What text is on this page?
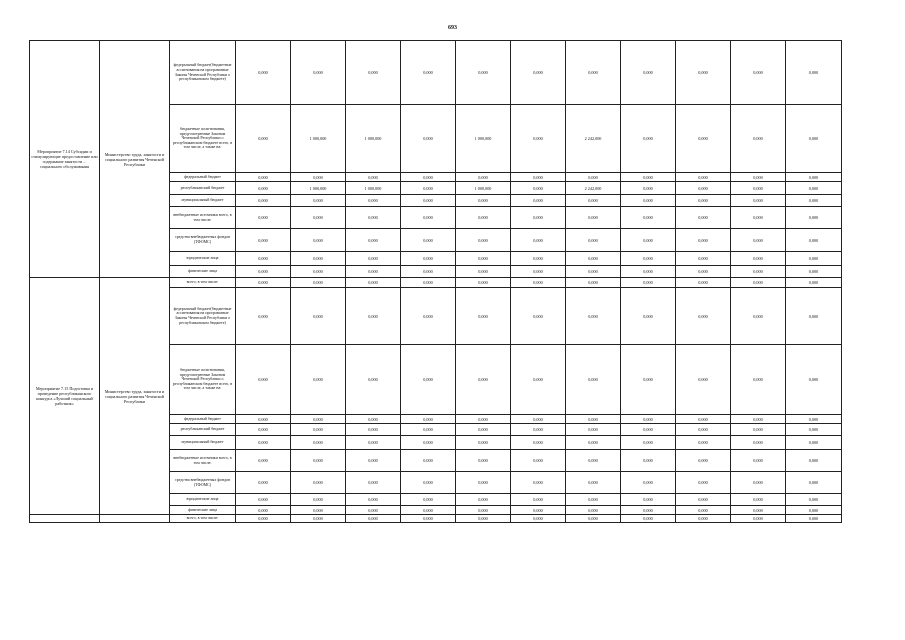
693
Мероприятие 7.14 Субсидии и стимулирующие предоставление или содержание занятости ... социального обслуживания	Министерство труда, занятости и социального развития Чеченской Республики	федеральный бюджет(бюджетные ассигнования на программные Законы Чеченской Республики о республиканском бюджете)	0,000	0,000	0,000	0,000	0,000	0,000	0,000	0,000	0,000	0,000	0,000
		бюджетные ассигнования, предусмотренные Законом Чеченской Республики о республиканском бюджете всего, в том числе, а также на:	0,000	1 000,000	1 000,000	0,000	1 000,000	0,000	2 242,000	0,000	0,000	0,000	0,000
		федеральный бюджет	0,000	0,000	0,000	0,000	0,000	0,000	0,000	0,000	0,000	0,000	0,000
		республиканский бюджет	0,000	1 000,000	1 000,000	0,000	1 000,000	0,000	2 242,000	0,000	0,000	0,000	0,000
		муниципальный бюджет	0,000	0,000	0,000	0,000	0,000	0,000	0,000	0,000	0,000	0,000	0,000
		внебюджетные источники всего, в том числе:	0,000	0,000	0,000	0,000	0,000	0,000	0,000	0,000	0,000	0,000	0,000
		средства внебюджетных фондов (ТФОМС)	0,000	0,000	0,000	0,000	0,000	0,000	0,000	0,000	0,000	0,000	0,000
		юридические лица	0,000	0,000	0,000	0,000	0,000	0,000	0,000	0,000	0,000	0,000	0,000
		физические лица	0,000	0,000	0,000	0,000	0,000	0,000	0,000	0,000	0,000	0,000	0,000
Мероприятие 7.15 Подготовка и проведение республиканского конкурса «Лучший социальный работник»	Министерство труда, занятости и социального развития Чеченской Республики	всего, в том числе:	0,000	0,000	0,000	0,000	0,000	0,000	0,000	0,000	0,000	0,000	0,000
		федеральный бюджет(бюджетные ассигнования на программные Законы Чеченской Республики о республиканском бюджете)	0,000	0,000	0,000	0,000	0,000	0,000	0,000	0,000	0,000	0,000	0,000
		бюджетные ассигнования, предусмотренные Законом Чеченской Республики о республиканском бюджете всего, в том числе, а также на:	0,000	0,000	0,000	0,000	0,000	0,000	0,000	0,000	0,000	0,000	0,000
		федеральный бюджет	0,000	0,000	0,000	0,000	0,000	0,000	0,000	0,000	0,000	0,000	0,000
		республиканский бюджет	0,000	0,000	0,000	0,000	0,000	0,000	0,000	0,000	0,000	0,000	0,000
		муниципальный бюджет	0,000	0,000	0,000	0,000	0,000	0,000	0,000	0,000	0,000	0,000	0,000
		внебюджетные источники всего, в том числе:	0,000	0,000	0,000	0,000	0,000	0,000	0,000	0,000	0,000	0,000	0,000
		средства внебюджетных фондов (ТФОМС)	0,000	0,000	0,000	0,000	0,000	0,000	0,000	0,000	0,000	0,000	0,000
		юридические лица	0,000	0,000	0,000	0,000	0,000	0,000	0,000	0,000	0,000	0,000	0,000
		физические лица	0,000	0,000	0,000	0,000	0,000	0,000	0,000	0,000	0,000	0,000	0,000
		всего, в том числе:	0,000	0,000	0,000	0,000	0,000	0,000	0,000	0,000	0,000	0,000	0,000
